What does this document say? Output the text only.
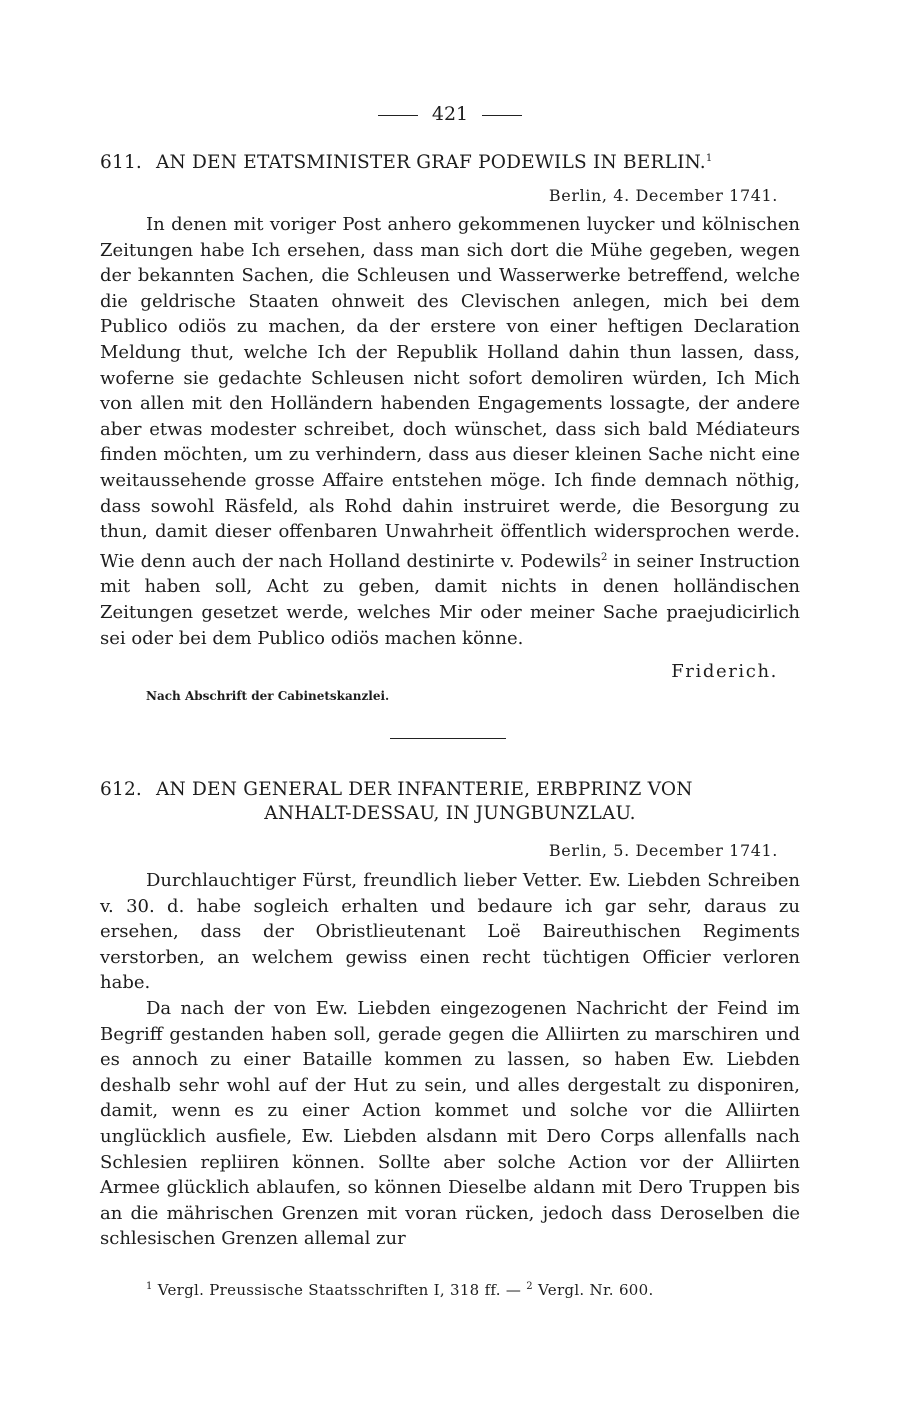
421
611. AN DEN ETATSMINISTER GRAF PODEWILS IN BERLIN.$^1$
Berlin, 4. December 1741.

In denen mit voriger Post anhero gekommenen luycker und kölnischen Zeitungen habe Ich ersehen, dass man sich dort die Mühe gegeben, wegen der bekannten Sachen, die Schleusen und Wasserwerke betreffend, welche die geldrische Staaten ohnweit des Clevischen anlegen, mich bei dem Publico odiös zu machen, da der erstere von einer heftigen Declaration Meldung thut, welche Ich der Republik Holland dahin thun lassen, dass, woferne sie gedachte Schleusen nicht sofort demoliren würden, Ich Mich von allen mit den Holländern habenden Engagements lossagte, der andere aber etwas modester schreibet, doch wünschet, dass sich bald Médiateurs finden möchten, um zu verhindern, dass aus dieser kleinen Sache nicht eine weitaussehende grosse Affaire entstehen möge. Ich finde demnach nöthig, dass sowohl Räsfeld, als Rohd dahin instruiret werde, die Besorgung zu thun, damit dieser offenbaren Unwahrheit öffentlich widersprochen werde. Wie denn auch der nach Holland destinirte v. Podewils$^2$ in seiner Instruction mit haben soll, Acht zu geben, damit nichts in denen holländischen Zeitungen gesetzet werde, welches Mir oder meiner Sache praejudicirlich sei oder bei dem Publico odiös machen könne.

Friderich.
Nach Abschrift der Cabinetskanzlei.
612. AN DEN GENERAL DER INFANTERIE, ERBPRINZ VON
ANHALT-DESSAU, IN JUNGBUNZLAU.
Berlin, 5. December 1741.

Durchlauchtiger Fürst, freundlich lieber Vetter. Ew. Liebden Schreiben v. 30. d. habe sogleich erhalten und bedaure ich gar sehr, daraus zu ersehen, dass der Obristlieutenant Loë Baireuthischen Regiments verstorben, an welchem gewiss einen recht tüchtigen Officier verloren habe.

Da nach der von Ew. Liebden eingezogenen Nachricht der Feind im Begriff gestanden haben soll, gerade gegen die Alliirten zu marschiren und es annoch zu einer Bataille kommen zu lassen, so haben Ew. Liebden deshalb sehr wohl auf der Hut zu sein, und alles dergestalt zu disponiren, damit, wenn es zu einer Action kommet und solche vor die Alliirten unglücklich ausfiele, Ew. Liebden alsdann mit Dero Corps allenfalls nach Schlesien repliiren können. Sollte aber solche Action vor der Alliirten Armee glücklich ablaufen, so können Dieselbe aldann mit Dero Truppen bis an die mährischen Grenzen mit voran rücken, jedoch dass Deroselben die schlesischen Grenzen allemal zur

$^1$ Vergl. Preussische Staatsschriften I, 318 ff. — $^2$ Vergl. Nr. 600.
